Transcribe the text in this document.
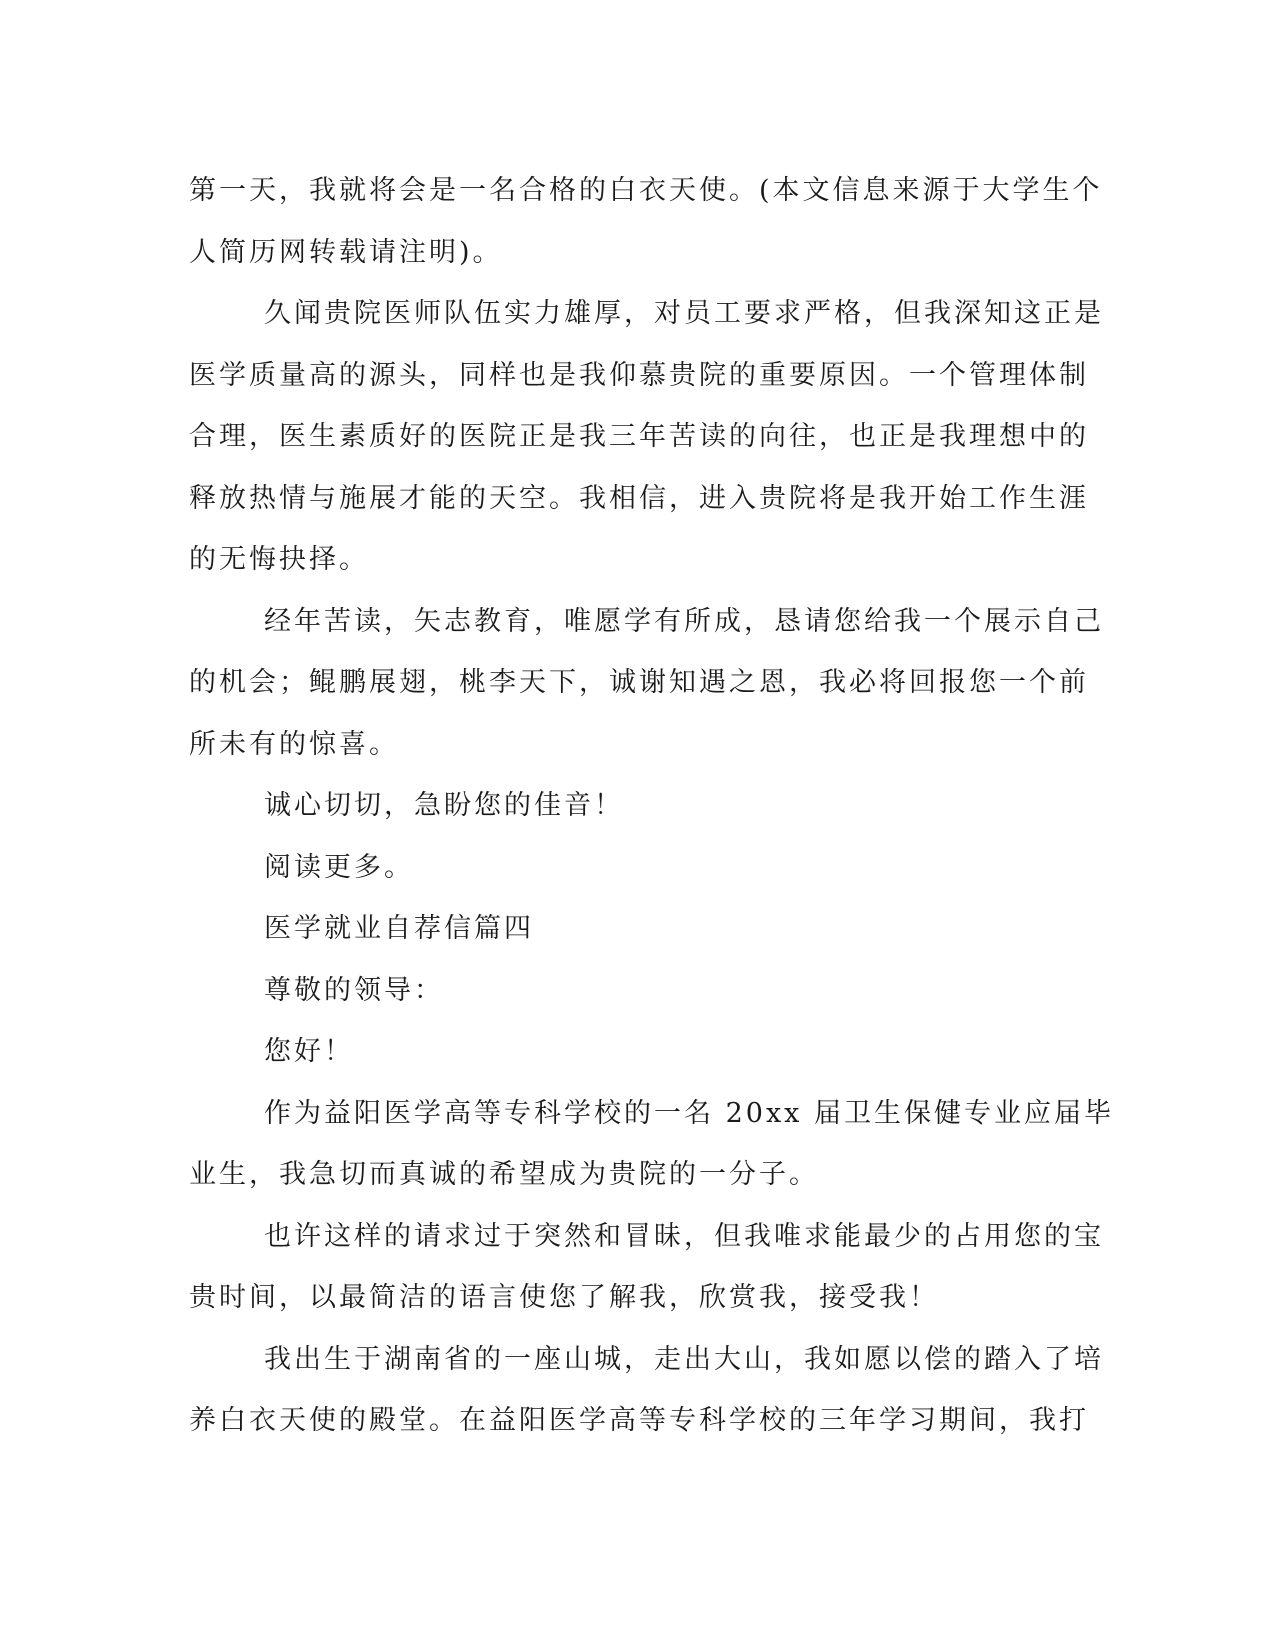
第一天，我就将会是一名合格的白衣天使。(本文信息来源于大学生个
人简历网转载请注明)。
久闻贵院医师队伍实力雄厚，对员工要求严格，但我深知这正是
医学质量高的源头，同样也是我仰慕贵院的重要原因。一个管理体制
合理，医生素质好的医院正是我三年苦读的向往，也正是我理想中的
释放热情与施展才能的天空。我相信，进入贵院将是我开始工作生涯
的无悔抉择。
经年苦读，矢志教育，唯愿学有所成，恳请您给我一个展示自己
的机会；鲲鹏展翅，桃李天下，诚谢知遇之恩，我必将回报您一个前
所未有的惊喜。
诚心切切，急盼您的佳音！
阅读更多。
医学就业自荐信篇四
尊敬的领导：
您好！
作为益阳医学高等专科学校的一名 20xx 届卫生保健专业应届毕
业生，我急切而真诚的希望成为贵院的一分子。
也许这样的请求过于突然和冒昧，但我唯求能最少的占用您的宝
贵时间，以最简洁的语言使您了解我，欣赏我，接受我！
我出生于湖南省的一座山城，走出大山，我如愿以偿的踏入了培
养白衣天使的殿堂。在益阳医学高等专科学校的三年学习期间，我打
